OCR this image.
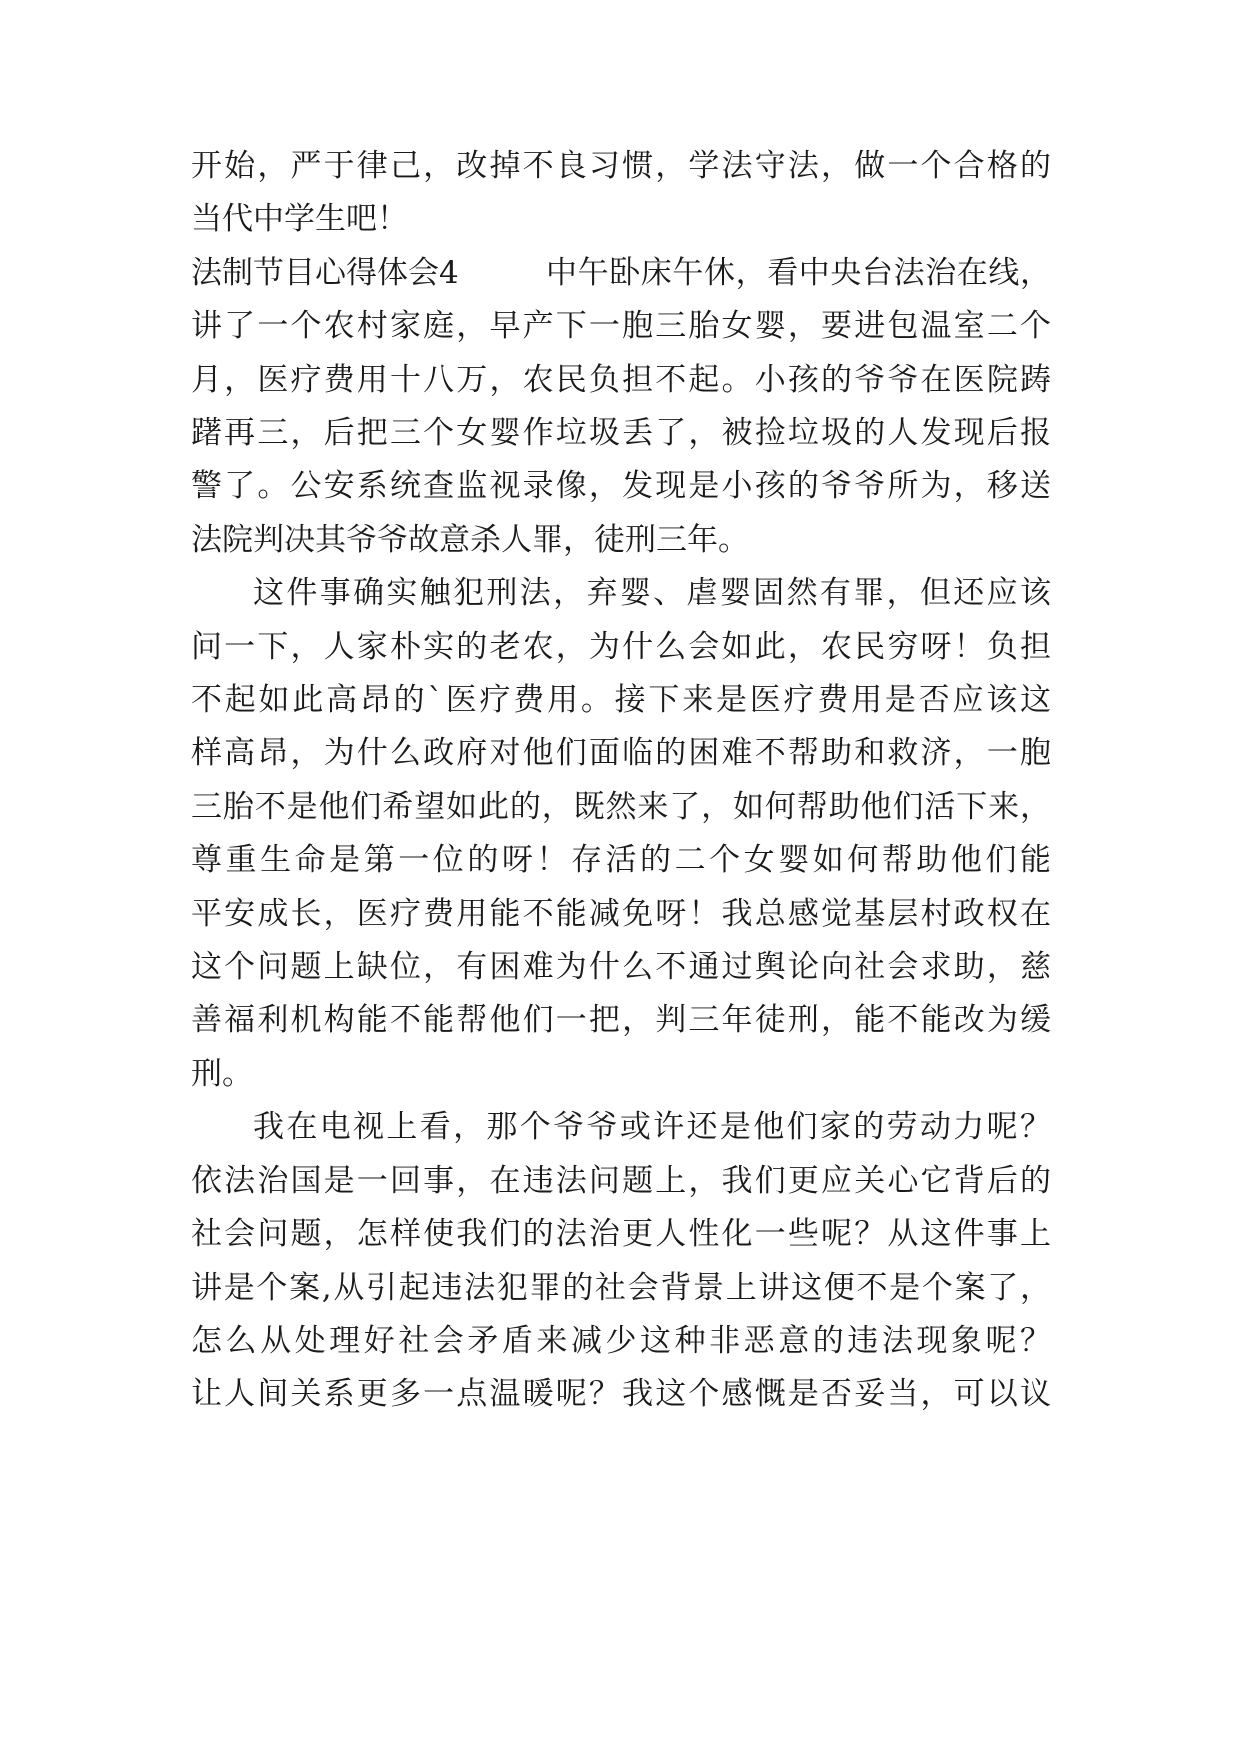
开始，严于律己，改掉不良习惯，学法守法，做一个合格的
当代中学生吧！
法制节目心得体会4	中午卧床午休，看中央台法治在线，
讲了一个农村家庭，早产下一胞三胎女婴，要进包温室二个
月，医疗费用十八万，农民负担不起。小孩的爷爷在医院踌
躇再三，后把三个女婴作垃圾丢了，被捡垃圾的人发现后报
警了。公安系统查监视录像，发现是小孩的爷爷所为，移送
法院判决其爷爷故意杀人罪，徒刑三年。
这件事确实触犯刑法，弃婴、虐婴固然有罪，但还应该
问一下，人家朴实的老农，为什么会如此，农民穷呀！负担
不起如此高昂的`医疗费用。接下来是医疗费用是否应该这
样高昂，为什么政府对他们面临的困难不帮助和救济，一胞
三胎不是他们希望如此的，既然来了，如何帮助他们活下来，
尊重生命是第一位的呀！存活的二个女婴如何帮助他们能
平安成长，医疗费用能不能减免呀！我总感觉基层村政权在
这个问题上缺位，有困难为什么不通过舆论向社会求助，慈
善福利机构能不能帮他们一把，判三年徒刑，能不能改为缓
刑。
我在电视上看，那个爷爷或许还是他们家的劳动力呢？
依法治国是一回事，在违法问题上，我们更应关心它背后的
社会问题，怎样使我们的法治更人性化一些呢？从这件事上
讲是个案,从引起违法犯罪的社会背景上讲这便不是个案了，
怎么从处理好社会矛盾来减少这种非恶意的违法现象呢？
让人间关系更多一点温暖呢？我这个感慨是否妥当，可以议
